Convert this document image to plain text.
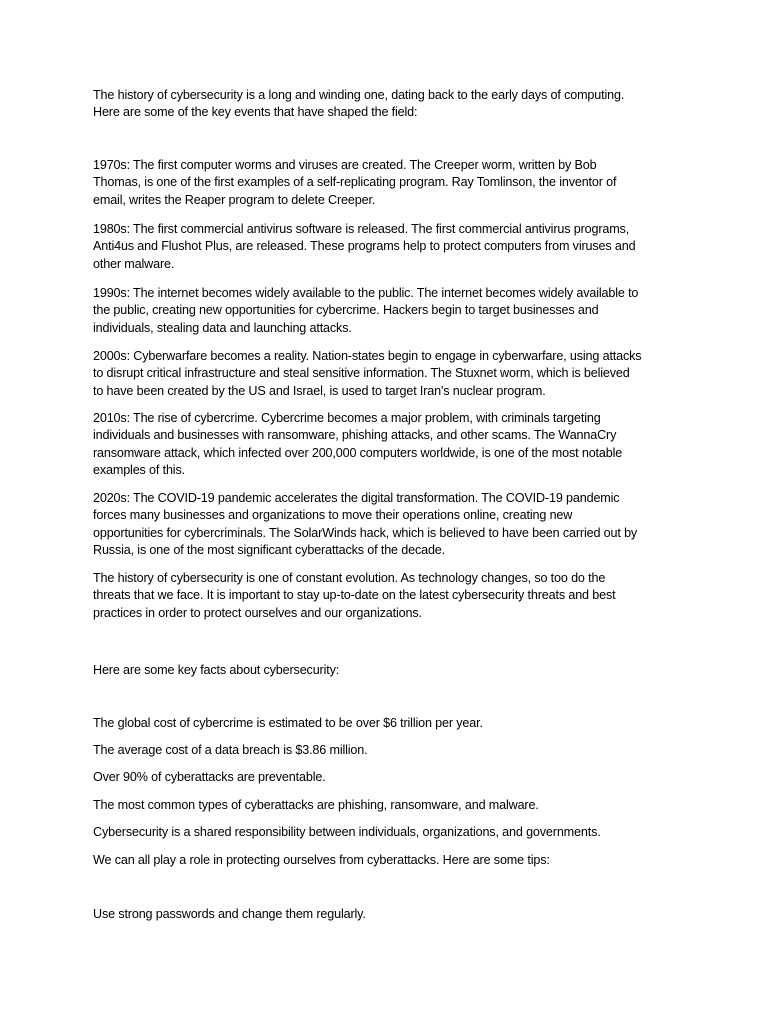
The history of cybersecurity is a long and winding one, dating back to the early days of computing.
Here are some of the key events that have shaped the field:

1970s: The first computer worms and viruses are created. The Creeper worm, written by Bob
Thomas, is one of the first examples of a self-replicating program. Ray Tomlinson, the inventor of
email, writes the Reaper program to delete Creeper.

1980s: The first commercial antivirus software is released. The first commercial antivirus programs,
Anti4us and Flushot Plus, are released. These programs help to protect computers from viruses and
other malware.

1990s: The internet becomes widely available to the public. The internet becomes widely available to
the public, creating new opportunities for cybercrime. Hackers begin to target businesses and
individuals, stealing data and launching attacks.

2000s: Cyberwarfare becomes a reality. Nation-states begin to engage in cyberwarfare, using attacks
to disrupt critical infrastructure and steal sensitive information. The Stuxnet worm, which is believed
to have been created by the US and Israel, is used to target Iran's nuclear program.

2010s: The rise of cybercrime. Cybercrime becomes a major problem, with criminals targeting
individuals and businesses with ransomware, phishing attacks, and other scams. The WannaCry
ransomware attack, which infected over 200,000 computers worldwide, is one of the most notable
examples of this.

2020s: The COVID-19 pandemic accelerates the digital transformation. The COVID-19 pandemic
forces many businesses and organizations to move their operations online, creating new
opportunities for cybercriminals. The SolarWinds hack, which is believed to have been carried out by
Russia, is one of the most significant cyberattacks of the decade.

The history of cybersecurity is one of constant evolution. As technology changes, so too do the
threats that we face. It is important to stay up-to-date on the latest cybersecurity threats and best
practices in order to protect ourselves and our organizations.

Here are some key facts about cybersecurity:

The global cost of cybercrime is estimated to be over $6 trillion per year.

The average cost of a data breach is $3.86 million.

Over 90% of cyberattacks are preventable.

The most common types of cyberattacks are phishing, ransomware, and malware.

Cybersecurity is a shared responsibility between individuals, organizations, and governments.

We can all play a role in protecting ourselves from cyberattacks. Here are some tips:

Use strong passwords and change them regularly.
